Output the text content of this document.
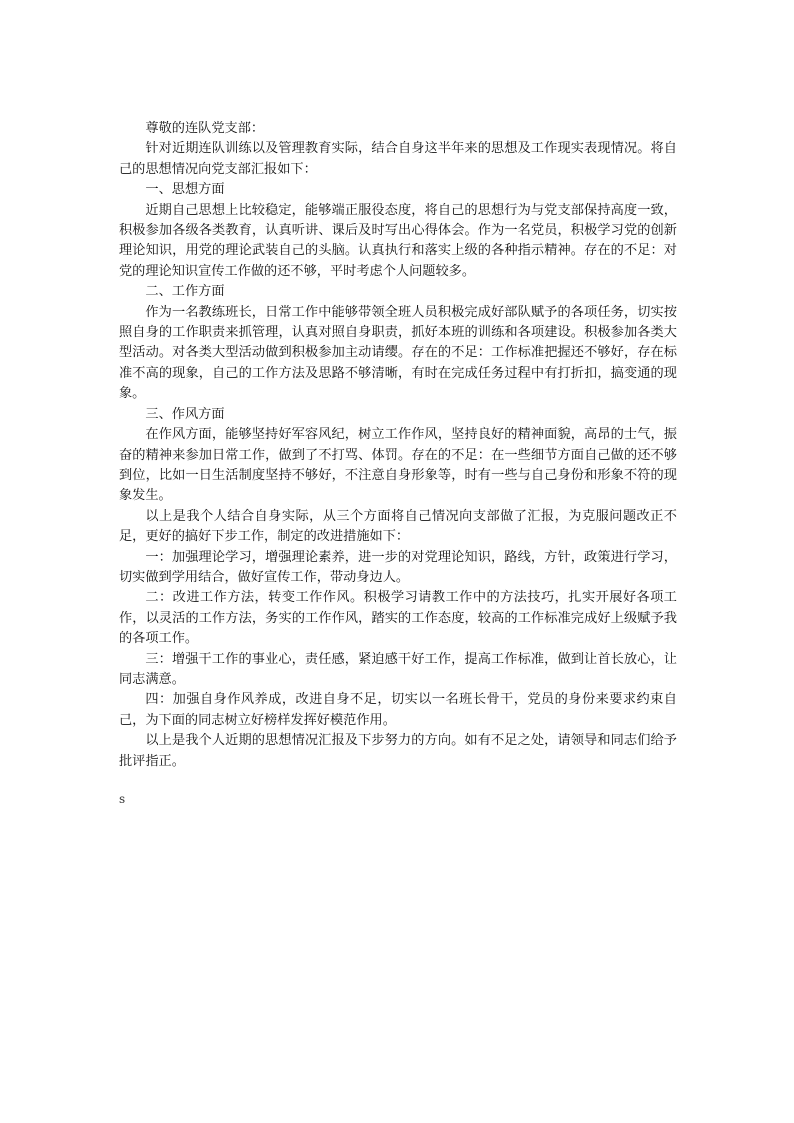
尊敬的连队党支部：

针对近期连队训练以及管理教育实际，结合自身这半年来的思想及工作现实表现情况。将自己的思想情况向党支部汇报如下：

一、思想方面

近期自己思想上比较稳定，能够端正服役态度，将自己的思想行为与党支部保持高度一致，积极参加各级各类教育，认真听讲、课后及时写出心得体会。作为一名党员，积极学习党的创新理论知识，用党的理论武装自己的头脑。认真执行和落实上级的各种指示精神。存在的不足：对党的理论知识宣传工作做的还不够，平时考虑个人问题较多。

二、工作方面

作为一名教练班长，日常工作中能够带领全班人员积极完成好部队赋予的各项任务，切实按照自身的工作职责来抓管理，认真对照自身职责，抓好本班的训练和各项建设。积极参加各类大型活动。对各类大型活动做到积极参加主动请缨。存在的不足：工作标准把握还不够好，存在标准不高的现象，自己的工作方法及思路不够清晰，有时在完成任务过程中有打折扣，搞变通的现象。

三、作风方面

在作风方面，能够坚持好军容风纪，树立工作作风，坚持良好的精神面貌，高昂的士气，振奋的精神来参加日常工作，做到了不打骂、体罚。存在的不足：在一些细节方面自己做的还不够到位，比如一日生活制度坚持不够好，不注意自身形象等，时有一些与自己身份和形象不符的现象发生。

以上是我个人结合自身实际，从三个方面将自己情况向支部做了汇报，为克服问题改正不足，更好的搞好下步工作，制定的改进措施如下：

一：加强理论学习，增强理论素养，进一步的对党理论知识，路线，方针，政策进行学习，切实做到学用结合，做好宣传工作，带动身边人。

二：改进工作方法，转变工作作风。积极学习请教工作中的方法技巧，扎实开展好各项工作，以灵活的工作方法，务实的工作作风，踏实的工作态度，较高的工作标准完成好上级赋予我的各项工作。

三：增强干工作的事业心，责任感，紧迫感干好工作，提高工作标准，做到让首长放心，让同志满意。

四：加强自身作风养成，改进自身不足，切实以一名班长骨干，党员的身份来要求约束自己，为下面的同志树立好榜样发挥好模范作用。

以上是我个人近期的思想情况汇报及下步努力的方向。如有不足之处，请领导和同志们给予批评指正。

s
